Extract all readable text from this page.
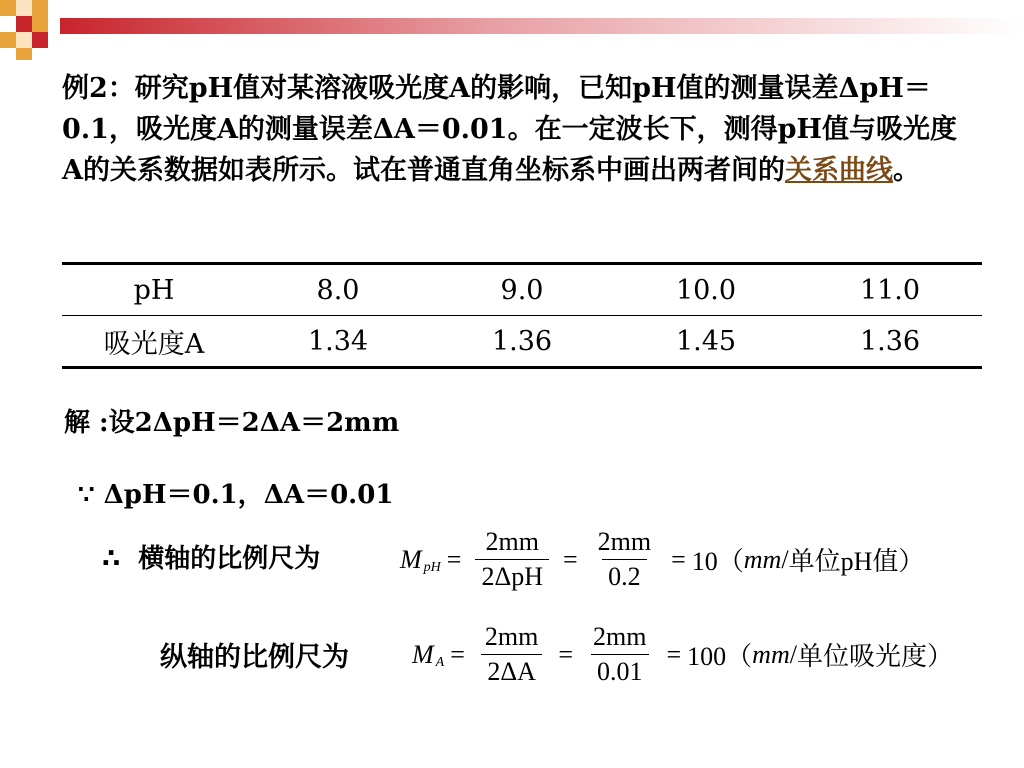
例2：研究pH值对某溶液吸光度A的影响，已知pH值的测量误差ΔpH＝0.1，吸光度A的测量误差ΔA＝0.01。在一定波长下，测得pH值与吸光度A的关系数据如表所示。试在普通直角坐标系中画出两者间的关系曲线。
pH	8.0	9.0	10.0	11.0
吸光度A	1.34	1.36	1.45	1.36
解 :设2ΔpH＝2ΔA＝2mm
∵ ΔpH＝0.1，ΔA＝0.01
∴ 横轴的比例尺为
纵轴的比例尺为
M pH = $\frac{2mm}{\text{2ΔpH}} = \frac{2mm}{0.2} = 10$（ mm / 单位pH值）
M $A = \frac{2mm}{2\Delta A} = \frac{2mm}{0.01} = 100$（ mm / 单位吸光度）
